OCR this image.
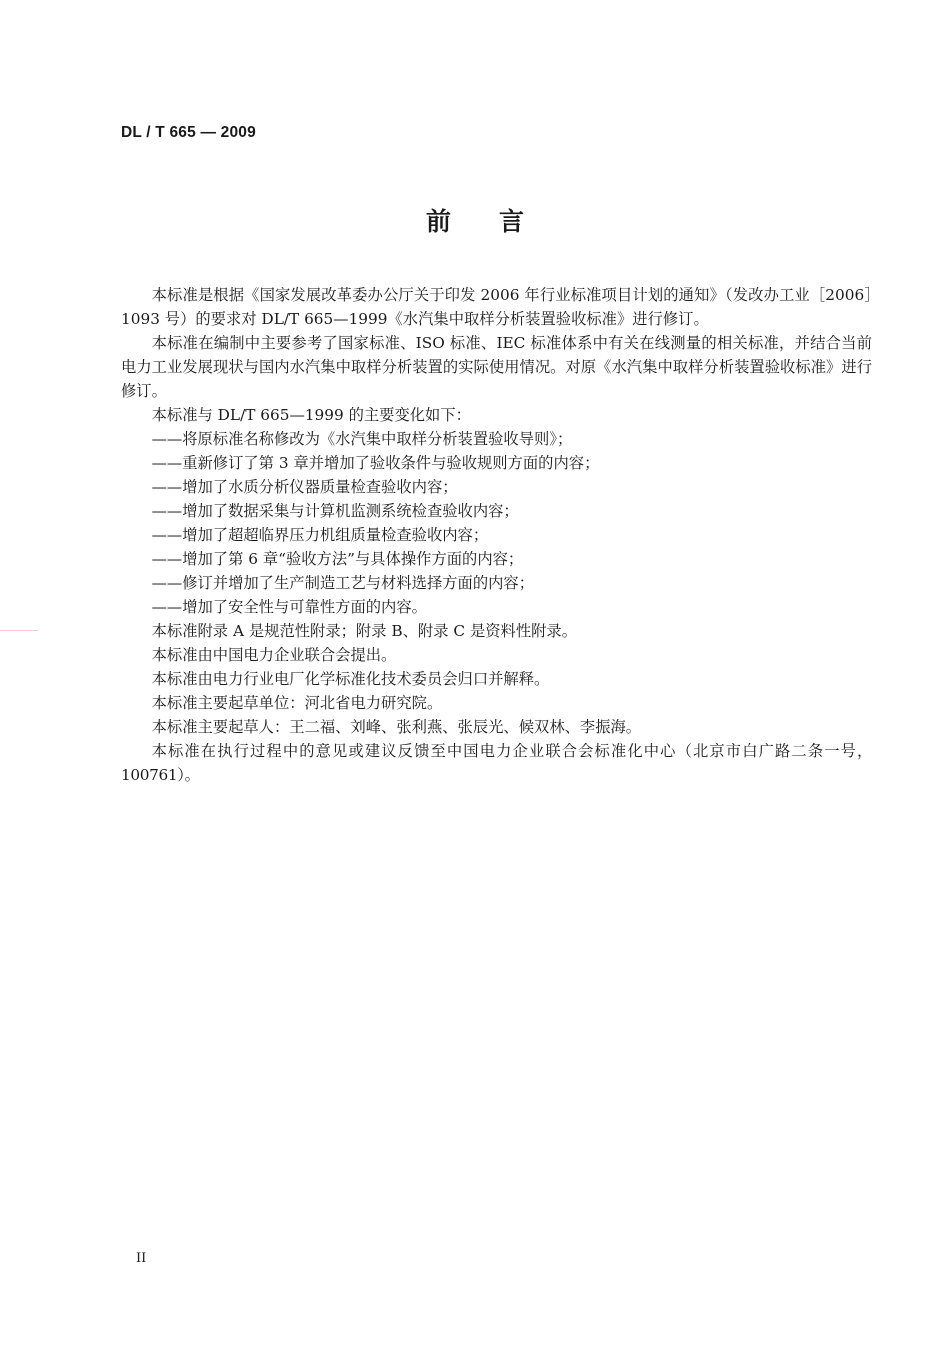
DL / T 665 — 2009
前言

本标准是根据《国家发展改革委办公厅关于印发 2006 年行业标准项目计划的通知》（发改办工业［2006］1093 号）的要求对 DL/T 665—1999《水汽集中取样分析装置验收标准》进行修订。

本标准在编制中主要参考了国家标准、ISO 标准、IEC 标准体系中有关在线测量的相关标准，并结合当前电力工业发展现状与国内水汽集中取样分析装置的实际使用情况。对原《水汽集中取样分析装置验收标准》进行修订。

本标准与 DL/T 665—1999 的主要变化如下：

——将原标准名称修改为《水汽集中取样分析装置验收导则》；

——重新修订了第 3 章并增加了验收条件与验收规则方面的内容；

——增加了水质分析仪器质量检查验收内容；

——增加了数据采集与计算机监测系统检查验收内容；

——增加了超超临界压力机组质量检查验收内容；

——增加了第 6 章“验收方法”与具体操作方面的内容；

——修订并增加了生产制造工艺与材料选择方面的内容；

——增加了安全性与可靠性方面的内容。

本标准附录 A 是规范性附录；附录 B、附录 C 是资料性附录。

本标准由中国电力企业联合会提出。

本标准由电力行业电厂化学标准化技术委员会归口并解释。

本标准主要起草单位：河北省电力研究院。

本标准主要起草人：王二福、刘峰、张利燕、张辰光、候双林、李振海。

本标准在执行过程中的意见或建议反馈至中国电力企业联合会标准化中心（北京市白广路二条一号，100761）。

II
